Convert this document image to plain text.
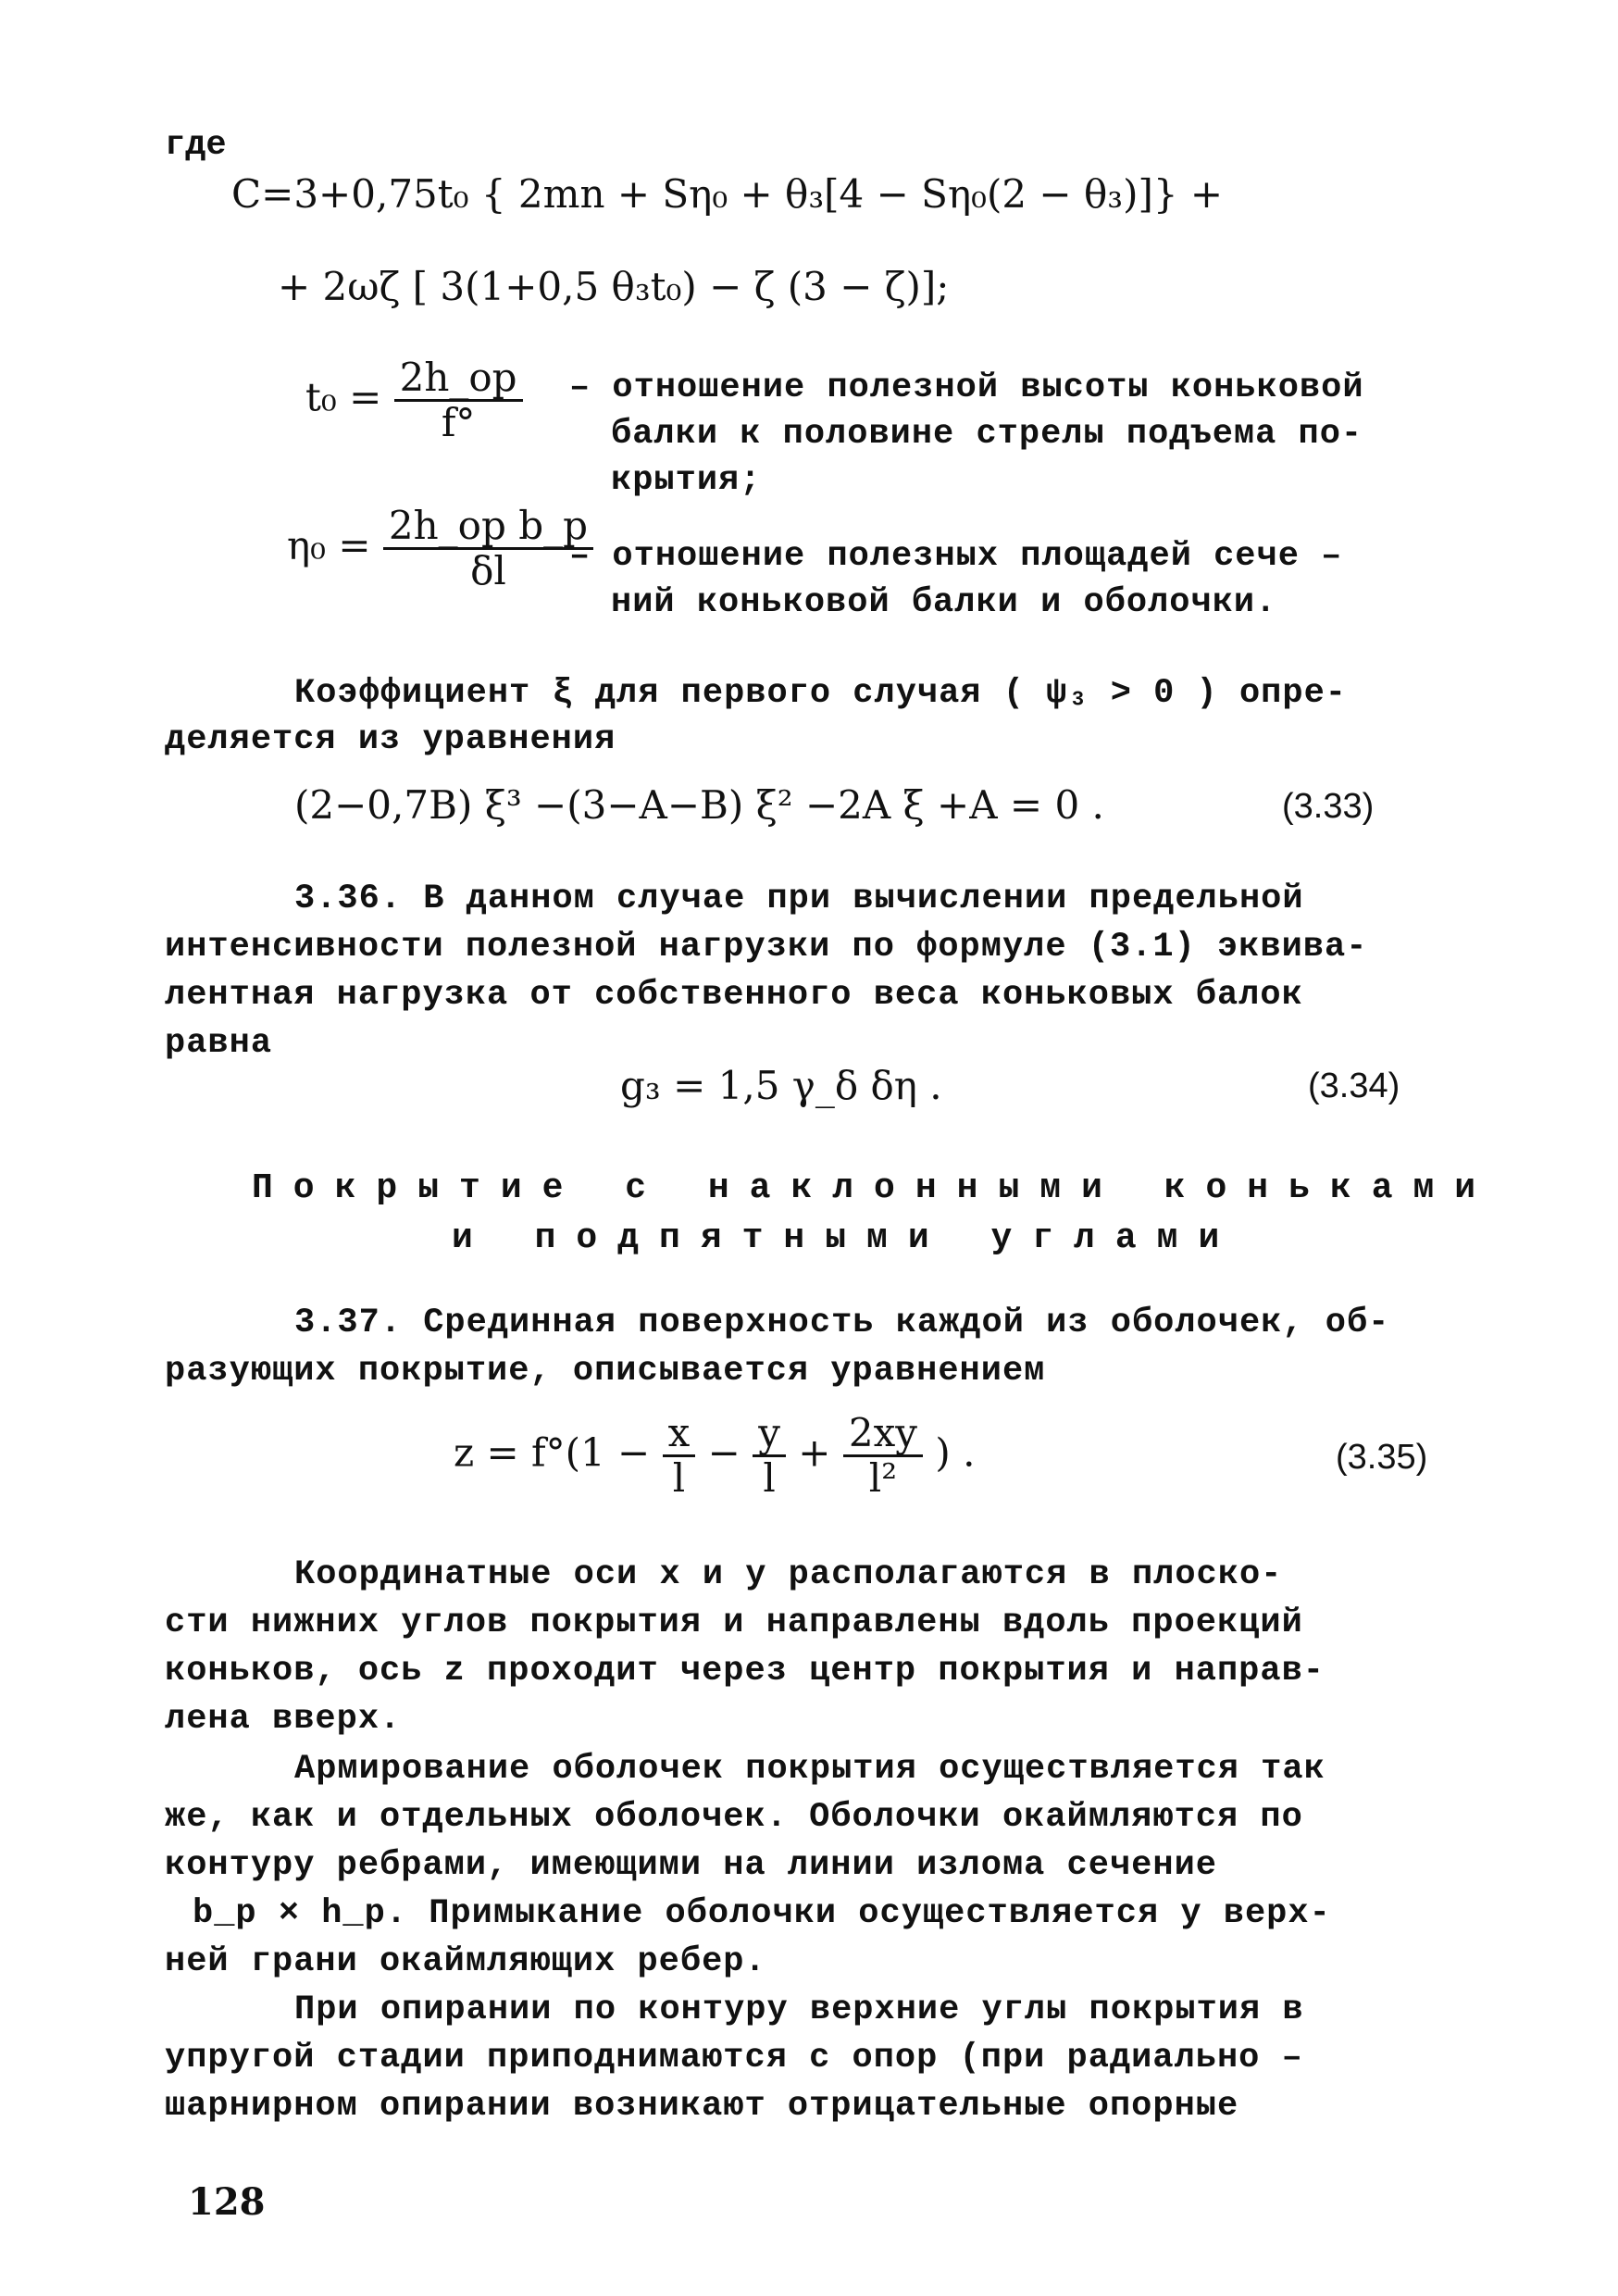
где
C=3+0,75t₀ { 2mn + Sη₀ + θ₃[4 − Sη₀(2 − θ₃)]} +
+ 2ωζ [ 3(1+0,5 θ₃t₀) − ζ (3 − ζ)];
$t_0 = \frac{2h\_op}{f^\circ}$ – отношение полезной высоты коньковой
балки к половине стрелы подъема по-
крытия;
$\eta_0 = \frac{\text{2h\_op b\_p}}{\delta l}$
– отношение полезных площадей сече –
ний коньковой балки и оболочки.
Коэффициент ξ для первого случая ( ψ₃ > 0 ) опре-
деляется из уравнения
(2−0,7B) ξ³ −(3−A−B) ξ² −2A ξ +A = 0 .	(3.33)
3.36. В данном случае при вычислении предельной
интенсивности полезной нагрузки по формуле (3.1) эквива-
лентная нагрузка от собственного веса коньковых балок
равна
g₃ = 1,5 γ_δ δη .	(3.34)
Покрытие с наклонными коньками
и подпятными углами
3.37. Срединная поверхность каждой из оболочек, об-
разующих покрытие, описывается уравнением
$z = f^\circ(1 - \frac{x}{l} - \frac{y}{l} + \frac{2xy}{\text{l²}}$ ) .	(3.35)
Координатные оси x и y располагаются в плоско-
сти нижних углов покрытия и направлены вдоль проекций
коньков, ось z проходит через центр покрытия и направ-
лена вверх.
Армирование оболочек покрытия осуществляется так
же, как и отдельных оболочек. Оболочки окаймляются по
контуру ребрами, имеющими на линии излома сечение
b_p × h_p. Примыкание оболочки осуществляется у верх-
ней грани окаймляющих ребер.
При опирании по контуру верхние углы покрытия в
упругой стадии приподнимаются с опор (при радиально –
шарнирном опирании возникают отрицательные опорные
128
